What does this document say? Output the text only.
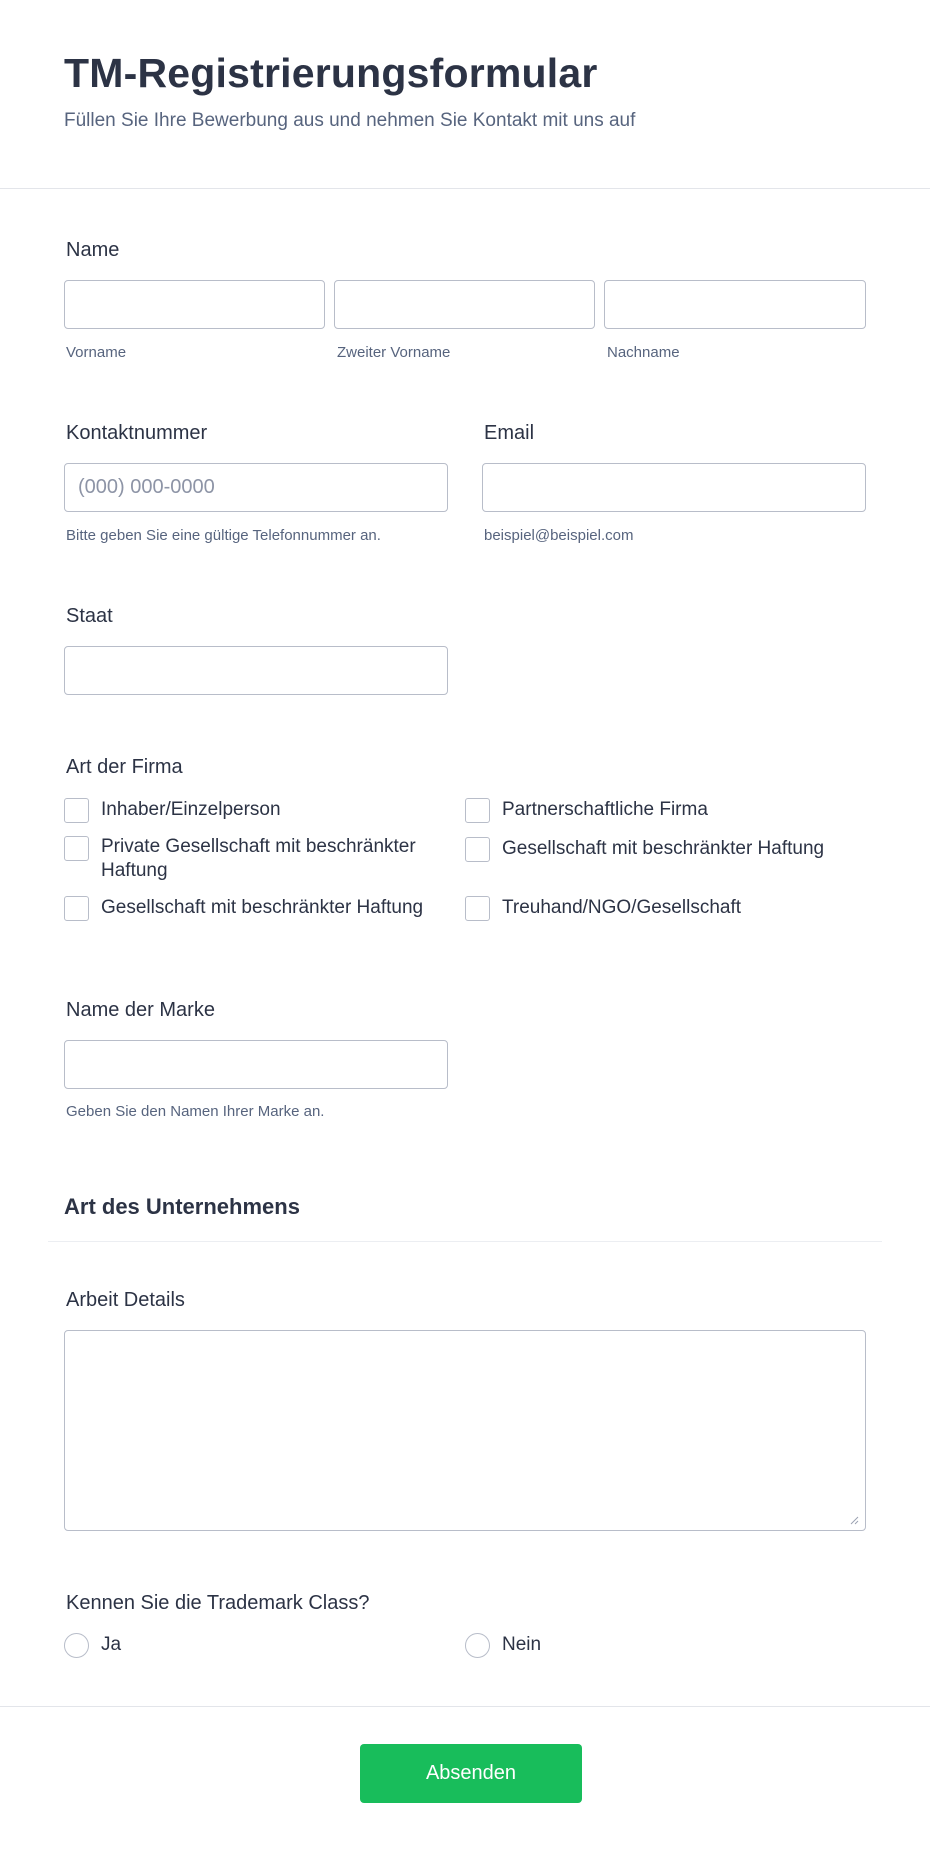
TM-Registrierungsformular
Füllen Sie Ihre Bewerbung aus und nehmen Sie Kontakt mit uns auf
Name
Vorname	Zweiter Vorname	Nachname
Kontaktnummer
(000) 000-0000
Bitte geben Sie eine gültige Telefonnummer an.
Email
beispiel@beispiel.com
Staat
Art der Firma
Inhaber/Einzelperson	Partnerschaftliche Firma
Private Gesellschaft mit beschränkter Haftung
Gesellschaft mit beschränkter Haftung
Gesellschaft mit beschränkter Haftung	Treuhand/NGO/Gesellschaft
Name der Marke
Geben Sie den Namen Ihrer Marke an.
Art des Unternehmens
Arbeit Details
Kennen Sie die Trademark Class?
Ja	Nein
Absenden
